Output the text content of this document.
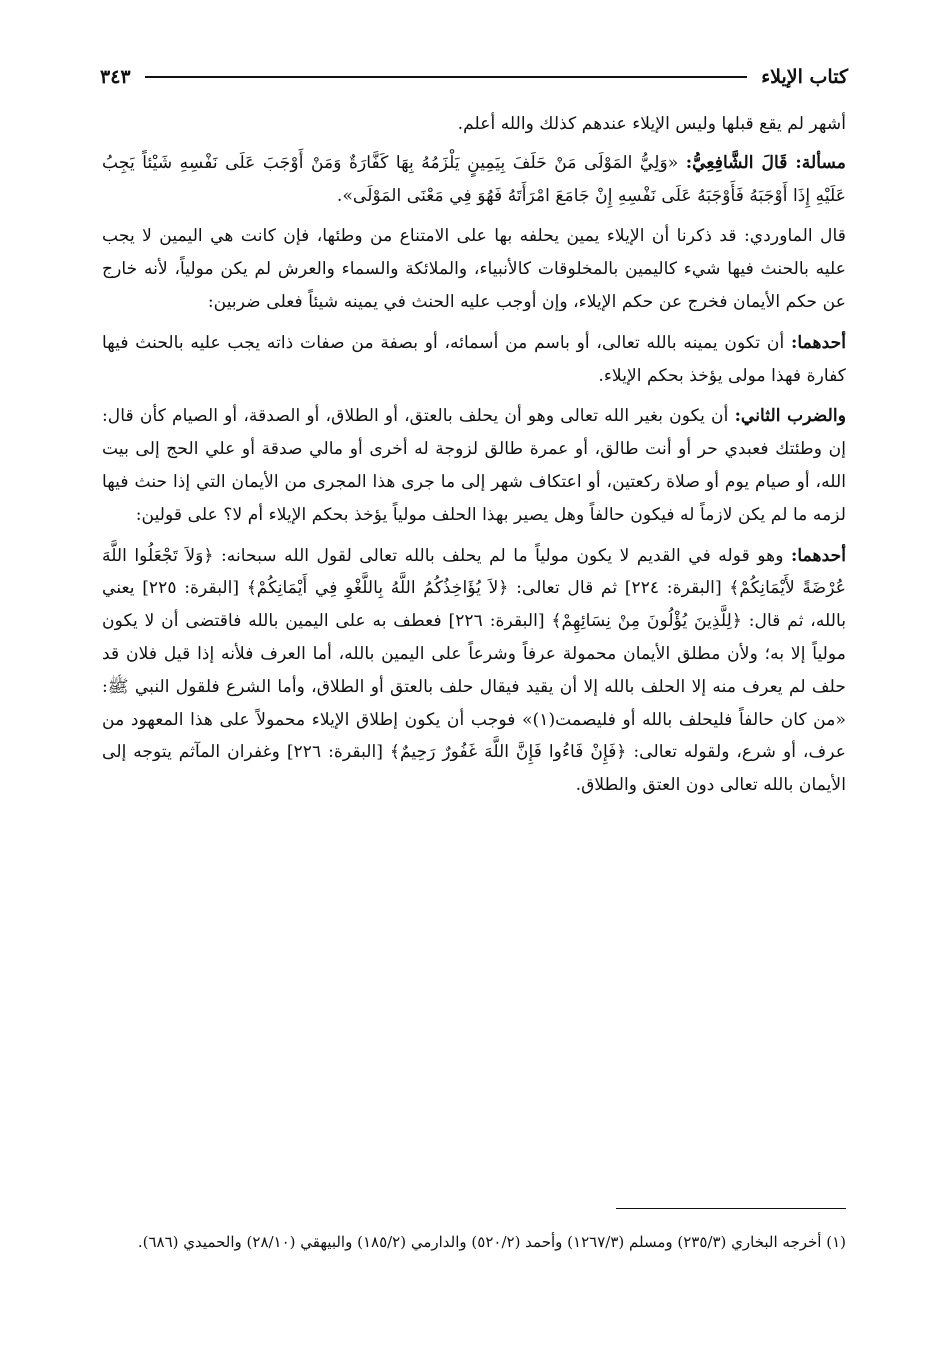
كتاب الإيلاء
٣٤٣

أشهر لم يقع قبلها وليس الإيلاء عندهم كذلك والله أعلم.

مسألة: قَالَ الشَّافِعِيُّ: «وَلِيُّ المَوْلَى مَنْ حَلَفَ بِيَمِينٍ يَلْزَمُهُ بِهَا كَفَّارَةٌ وَمَنْ أَوْجَبَ عَلَى نَفْسِهِ شَيْئاً يَجِبُ عَلَيْهِ إِذَا أَوْجَبَهُ فَأَوْجَبَهُ عَلَى نَفْسِهِ إِنْ جَامَعَ امْرَأَتَهُ فَهُوَ فِي مَعْنَى المَوْلَى».

قال الماوردي: قد ذكرنا أن الإيلاء يمين يحلفه بها على الامتناع من وطئها، فإن كانت هي اليمين لا يجب عليه بالحنث فيها شيء كاليمين بالمخلوقات كالأنبياء، والملائكة والسماء والعرش لم يكن مولياً، لأنه خارج عن حكم الأيمان فخرج عن حكم الإيلاء، وإن أوجب عليه الحنث في يمينه شيئاً فعلى ضربين:

أحدهما: أن تكون يمينه بالله تعالى، أو باسم من أسمائه، أو بصفة من صفات ذاته يجب عليه بالحنث فيها كفارة فهذا مولى يؤخذ بحكم الإيلاء.

والضرب الثاني: أن يكون بغير الله تعالى وهو أن يحلف بالعتق، أو الطلاق، أو الصدقة، أو الصيام كأن قال: إن وطئتك فعبدي حر أو أنت طالق، أو عمرة طالق لزوجة له أخرى أو مالي صدقة أو علي الحج إلى بيت الله، أو صيام يوم أو صلاة ركعتين، أو اعتكاف شهر إلى ما جرى هذا المجرى من الأيمان التي إذا حنث فيها لزمه ما لم يكن لازماً له فيكون حالفاً وهل يصير بهذا الحلف مولياً يؤخذ بحكم الإيلاء أم لا؟ على قولين:

أحدهما: وهو قوله في القديم لا يكون مولياً ما لم يحلف بالله تعالى لقول الله سبحانه: ﴿وَلاَ تَجْعَلُوا اللَّهَ عُرْضَةً لأَيْمَانِكُمْ﴾ [البقرة: ٢٢٤] ثم قال تعالى: ﴿لاَ يُؤَاخِذُكُمُ اللَّهُ بِاللَّغْوِ فِي أَيْمَانِكُمْ﴾ [البقرة: ٢٢٥] يعني بالله، ثم قال: ﴿لِلَّذِينَ يُؤْلُونَ مِنْ نِسَائِهِمْ﴾ [البقرة: ٢٢٦] فعطف به على اليمين بالله فاقتضى أن لا يكون مولياً إلا به؛ ولأن مطلق الأيمان محمولة عرفاً وشرعاً على اليمين بالله، أما العرف فلأنه إذا قيل فلان قد حلف لم يعرف منه إلا الحلف بالله إلا أن يقيد فيقال حلف بالعتق أو الطلاق، وأما الشرع فلقول النبي ﷺ: «من كان حالفاً فليحلف بالله أو فليصمت(١)» فوجب أن يكون إطلاق الإيلاء محمولاً على هذا المعهود من عرف، أو شرع، ولقوله تعالى: ﴿فَإِنْ فَاءُوا فَإِنَّ اللَّهَ غَفُورٌ رَحِيمٌ﴾ [البقرة: ٢٢٦] وغفران المآثم يتوجه إلى الأيمان بالله تعالى دون العتق والطلاق.

(١) أخرجه البخاري (٢٣٥/٣) ومسلم (١٢٦٧/٣) وأحمد (٥٢٠/٢) والدارمي (١٨٥/٢) والبيهقي (٢٨/١٠) والحميدي (٦٨٦).
